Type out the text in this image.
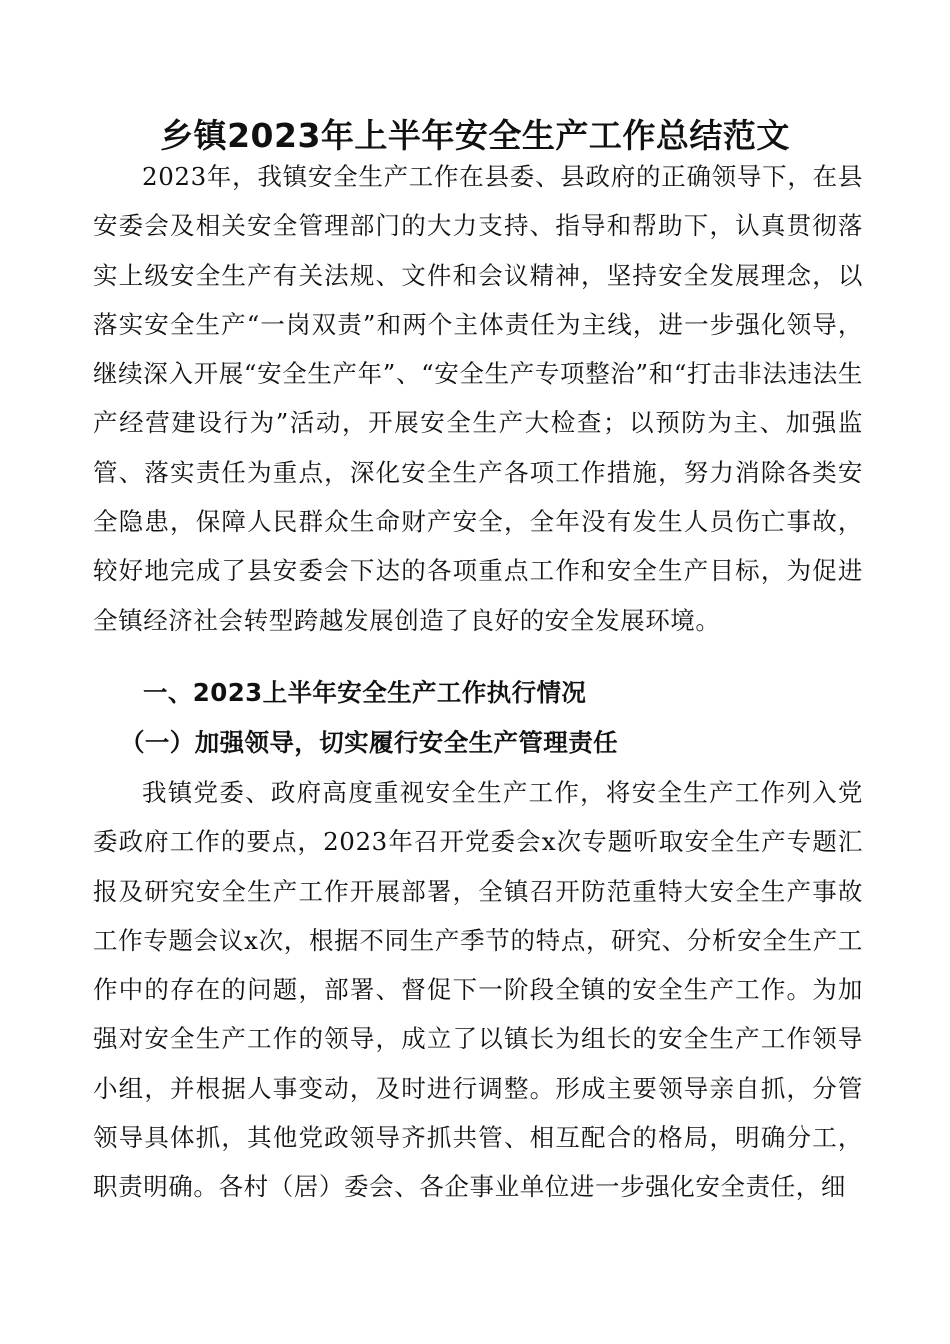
乡镇2023年上半年安全生产工作总结范文

2023年，我镇安全生产工作在县委、县政府的正确领导下，在县安委会及相关安全管理部门的大力支持、指导和帮助下，认真贯彻落实上级安全生产有关法规、文件和会议精神，坚持安全发展理念，以落实安全生产“一岗双责”和两个主体责任为主线，进一步强化领导，继续深入开展“安全生产年”、“安全生产专项整治”和“打击非法违法生产经营建设行为”活动，开展安全生产大检查；以预防为主、加强监管、落实责任为重点，深化安全生产各项工作措施，努力消除各类安全隐患，保障人民群众生命财产安全，全年没有发生人员伤亡事故，较好地完成了县安委会下达的各项重点工作和安全生产目标，为促进全镇经济社会转型跨越发展创造了良好的安全发展环境。

一、2023上半年安全生产工作执行情况
（一）加强领导，切实履行安全生产管理责任

我镇党委、政府高度重视安全生产工作，将安全生产工作列入党委政府工作的要点，2023年召开党委会x次专题听取安全生产专题汇报及研究安全生产工作开展部署，全镇召开防范重特大安全生产事故工作专题会议x次，根据不同生产季节的特点，研究、分析安全生产工作中的存在的问题，部署、督促下一阶段全镇的安全生产工作。为加强对安全生产工作的领导，成立了以镇长为组长的安全生产工作领导小组，并根据人事变动，及时进行调整。形成主要领导亲自抓，分管领导具体抓，其他党政领导齐抓共管、相互配合的格局，明确分工，职责明确。各村（居）委会、各企事业单位进一步强化安全责任，细
